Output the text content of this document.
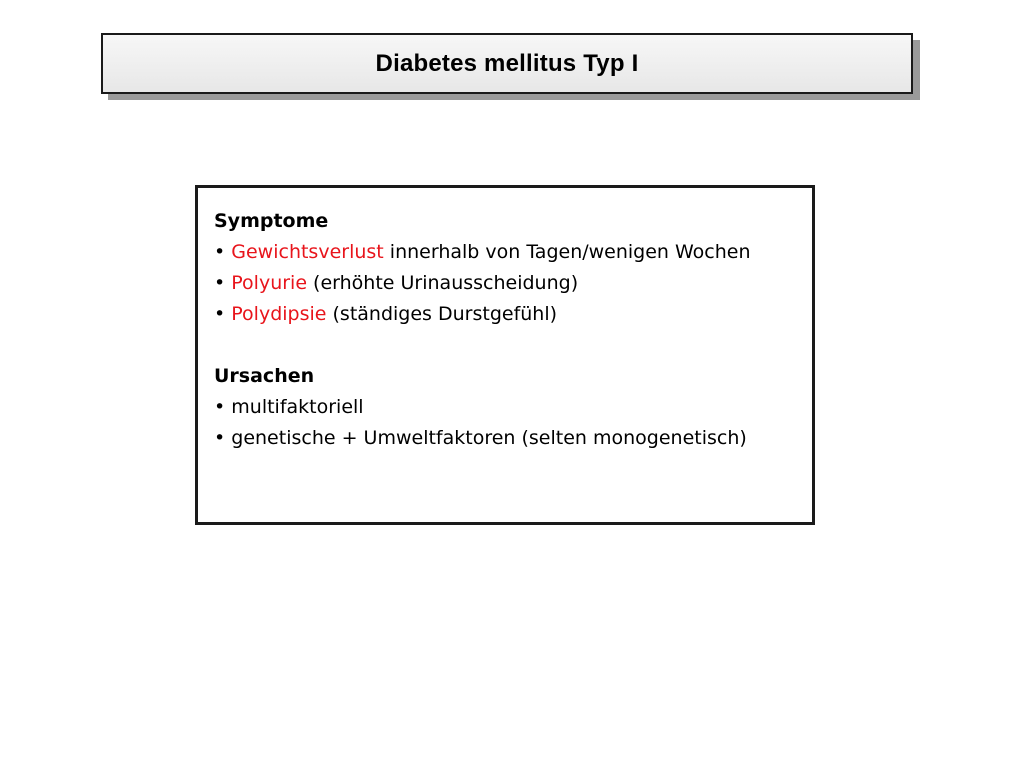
Diabetes mellitus Typ I
Symptome
• Gewichtsverlust innerhalb von Tagen/wenigen Wochen
• Polyurie (erhöhte Urinausscheidung)
• Polydipsie (ständiges Durstgefühl)
Ursachen
• multifaktoriell
• genetische + Umweltfaktoren (selten monogenetisch)
